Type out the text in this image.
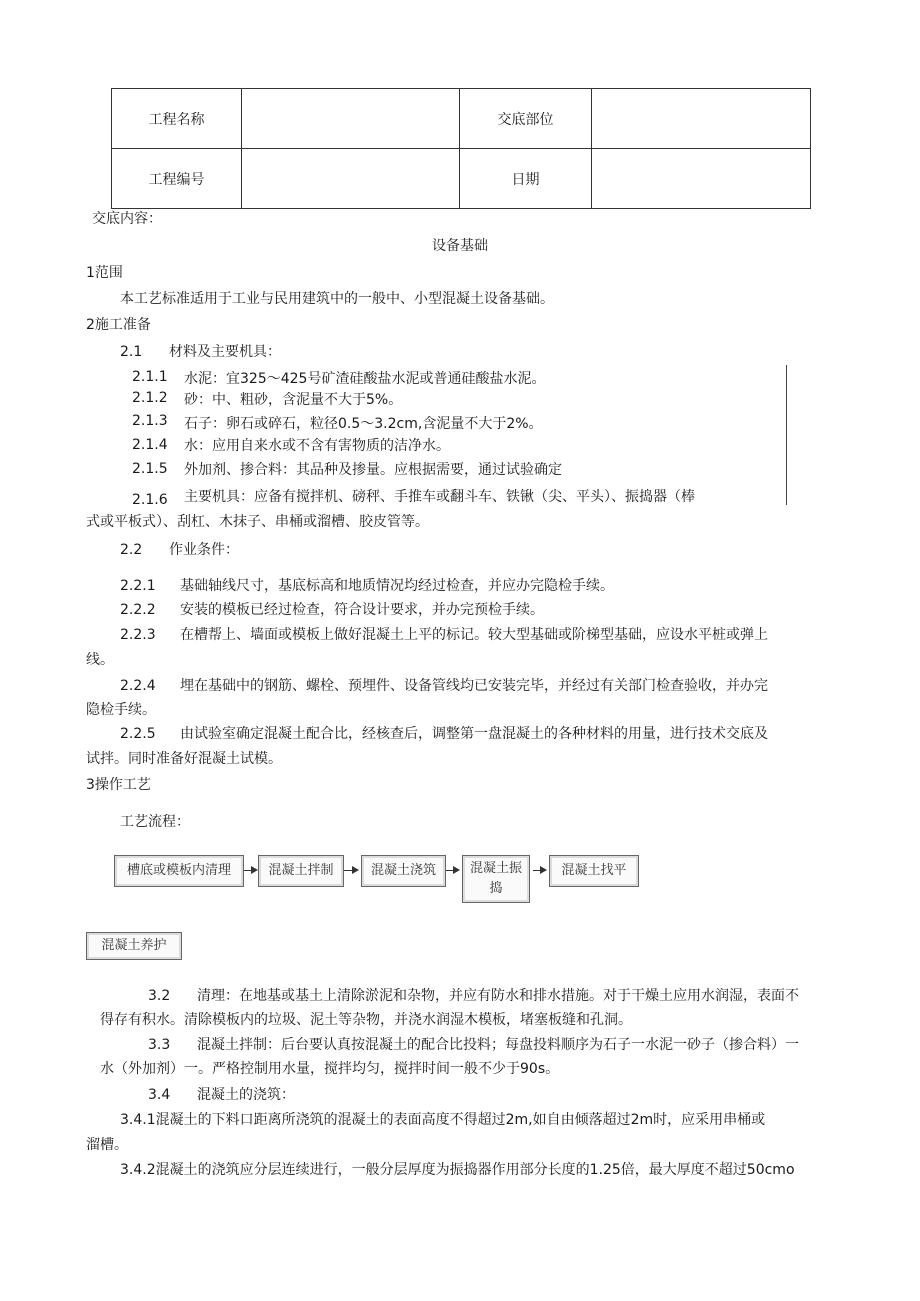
工程名称		交底部位	
工程编号		日期	
交底内容：
设备基础
1范围
本工艺标准适用于工业与民用建筑中的一般中、小型混凝土设备基础。
2施工准备
2.1 材料及主要机具：
2.1.1 水泥：宜325～425号矿渣硅酸盐水泥或普通硅酸盐水泥。
2.1.2 砂：中、粗砂，含泥量不大于5%。
2.1.3 石子：卵石或碎石，粒径0.5～3.2cm,含泥量不大于2%。
2.1.4 水：应用自来水或不含有害物质的洁净水。
2.1.5 外加剂、掺合料：其品种及掺量。应根据需要，通过试验确定
2.1.6 主要机具：应备有搅拌机、磅秤、手推车或翻斗车、铁锹（尖、平头）、振捣器（棒
式或平板式）、刮杠、木抹子、串桶或溜槽、胶皮管等。
2.2 作业条件：
2.2.1 基础轴线尺寸，基底标高和地质情况均经过检查，并应办完隐检手续。
2.2.2 安装的模板已经过检查，符合设计要求，并办完预检手续。
2.2.3 在槽帮上、墙面或模板上做好混凝土上平的标记。较大型基础或阶梯型基础，应设水平桩或弹上
线。
2.2.4 埋在基础中的钢筋、螺栓、预埋件、设备管线均已安装完毕，并经过有关部门检查验收，并办完
隐检手续。
2.2.5 由试验室确定混凝土配合比，经核查后，调整第一盘混凝土的各种材料的用量，进行技术交底及
试拌。同时准备好混凝土试模。
3操作工艺
工艺流程：
槽底或模板内清理	混凝土拌制	混凝土浇筑	混凝土振捣
混凝土找平
混凝土养护
3.2 清理：在地基或基土上清除淤泥和杂物，并应有防水和排水措施。对于干燥土应用水润湿，表面不
得存有积水。清除模板内的垃圾、泥土等杂物，并浇水润湿木模板，堵塞板缝和孔洞。
3.3 混凝土拌制：后台要认真按混凝土的配合比投料；每盘投料顺序为石子一水泥一砂子（掺合料）一
水（外加剂）一。严格控制用水量，搅拌均匀，搅拌时间一般不少于90s。
3.4 混凝土的浇筑：
3.4.1混凝土的下料口距离所浇筑的混凝土的表面高度不得超过2m,如自由倾落超过2m时，应采用串桶或
溜槽。
3.4.2混凝土的浇筑应分层连续进行，一般分层厚度为振捣器作用部分长度的1.25倍，最大厚度不超过50cmo
